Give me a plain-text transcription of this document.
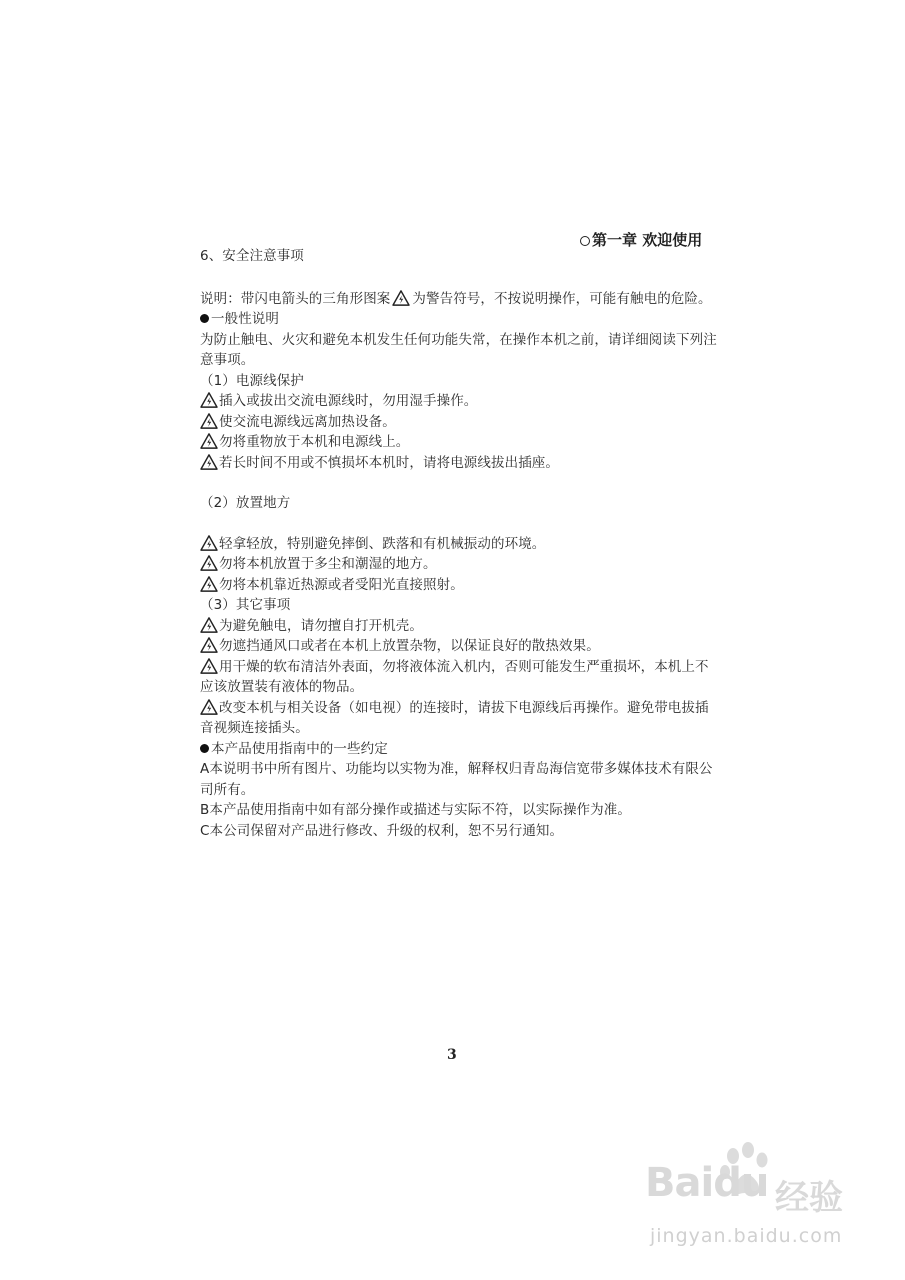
第一章 欢迎使用

6、安全注意事项

说明：带闪电箭头的三角形图案 为警告符号，不按说明操作，可能有触电的危险。

一般性说明

为防止触电、火灾和避免本机发生任何功能失常，在操作本机之前，请详细阅读下列注意事项。

（1）电源线保护

插入或拔出交流电源线时，勿用湿手操作。

使交流电源线远离加热设备。

勿将重物放于本机和电源线上。

若长时间不用或不慎损坏本机时，请将电源线拔出插座。

（2）放置地方

轻拿轻放，特别避免摔倒、跌落和有机械振动的环境。

勿将本机放置于多尘和潮湿的地方。

勿将本机靠近热源或者受阳光直接照射。

（3）其它事项

为避免触电，请勿擅自打开机壳。

勿遮挡通风口或者在本机上放置杂物，以保证良好的散热效果。

用干燥的软布清洁外表面，勿将液体流入机内，否则可能发生严重损坏，本机上不应该放置装有液体的物品。

改变本机与相关设备（如电视）的连接时，请拔下电源线后再操作。避免带电拔插音视频连接插头。

本产品使用指南中的一些约定

A本说明书中所有图片、功能均以实物为准，解释权归青岛海信宽带多媒体技术有限公司所有。

B本产品使用指南中如有部分操作或描述与实际不符，以实际操作为准。

C本公司保留对产品进行修改、升级的权利，恕不另行通知。

3
Baidu 经验
jingyan.baidu.com
